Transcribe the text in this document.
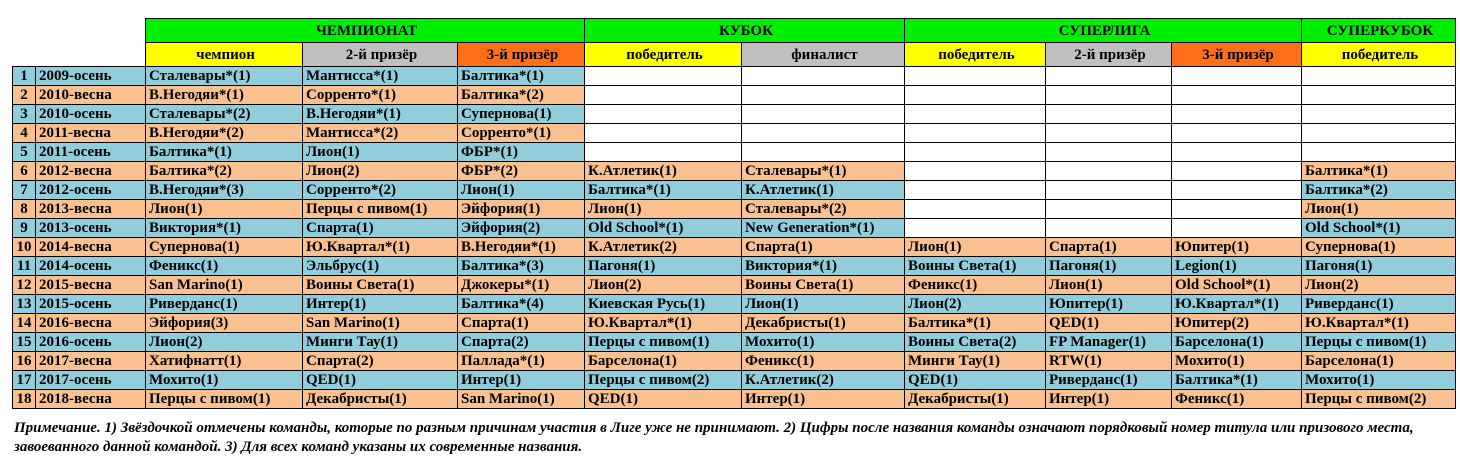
		ЧЕМПИОНАТ			КУБОК		СУПЕРЛИГА			СУПЕРКУБОК
		чемпион	2-й призёр	3-й призёр	победитель	финалист	победитель	2-й призёр	3-й призёр	победитель
1	2009-осень	Сталевары*(1)	Мантисса*(1)	Балтика*(1)						
2	2010-весна	В.Негодяи*(1)	Сорренто*(1)	Балтика*(2)						
3	2010-осень	Сталевары*(2)	В.Негодяи*(1)	Супернова(1)						
4	2011-весна	В.Негодяи*(2)	Мантисса*(2)	Сорренто*(1)						
5	2011-осень	Балтика*(1)	Лион(1)	ФБР*(1)						
6	2012-весна	Балтика*(2)	Лион(2)	ФБР*(2)	К.Атлетик(1)	Сталевары*(1)				Балтика*(1)
7	2012-осень	В.Негодяи*(3)	Сорренто*(2)	Лион(1)	Балтика*(1)	К.Атлетик(1)				Балтика*(2)
8	2013-весна	Лион(1)	Перцы с пивом(1)	Эйфория(1)	Лион(1)	Сталевары*(2)				Лион(1)
9	2013-осень	Виктория*(1)	Спарта(1)	Эйфория(2)	Old School*(1)	New Generation*(1)				Old School*(1)
10	2014-весна	Супернова(1)	Ю.Квартал*(1)	В.Негодяи*(1)	К.Атлетик(2)	Спарта(1)	Лион(1)	Спарта(1)	Юпитер(1)	Супернова(1)
11	2014-осень	Феникс(1)	Эльбрус(1)	Балтика*(3)	Пагоня(1)	Виктория*(1)	Воины Света(1)	Пагоня(1)	Legion(1)	Пагоня(1)
12	2015-весна	San Marino(1)	Воины Света(1)	Джокеры*(1)	Лион(2)	Воины Света(1)	Феникс(1)	Лион(1)	Old School*(1)	Лион(2)
13	2015-осень	Риверданс(1)	Интер(1)	Балтика*(4)	Киевская Русь(1)	Лион(1)	Лион(2)	Юпитер(1)	Ю.Квартал*(1)	Риверданс(1)
14	2016-весна	Эйфория(3)	San Marino(1)	Спарта(1)	Ю.Квартал*(1)	Декабристы(1)	Балтика*(1)	QED(1)	Юпитер(2)	Ю.Квартал*(1)
15	2016-осень	Лион(2)	Минги Тау(1)	Спарта(2)	Перцы с пивом(1)	Мохито(1)	Воины Света(2)	FP Manager(1)	Барселона(1)	Перцы с пивом(1)
16	2017-весна	Хатифнатт(1)	Спарта(2)	Паллада*(1)	Барселона(1)	Феникс(1)	Минги Тау(1)	RTW(1)	Мохито(1)	Барселона(1)
17	2017-осень	Мохито(1)	QED(1)	Интер(1)	Перцы с пивом(2)	К.Атлетик(2)	QED(1)	Риверданс(1)	Балтика*(1)	Мохито(1)
18	2018-весна	Перцы с пивом(1)	Декабристы(1)	San Marino(1)	QED(1)	Интер(1)	Декабристы(1)	Интер(1)	Феникс(1)	Перцы с пивом(2)

Примечание. 1) Звёздочкой отмечены команды, которые по разным причинам участия в Лиге уже не принимают. 2) Цифры после названия команды означают порядковый номер титула или призового места, завоеванного данной командой. 3) Для всех команд указаны их современные названия.
